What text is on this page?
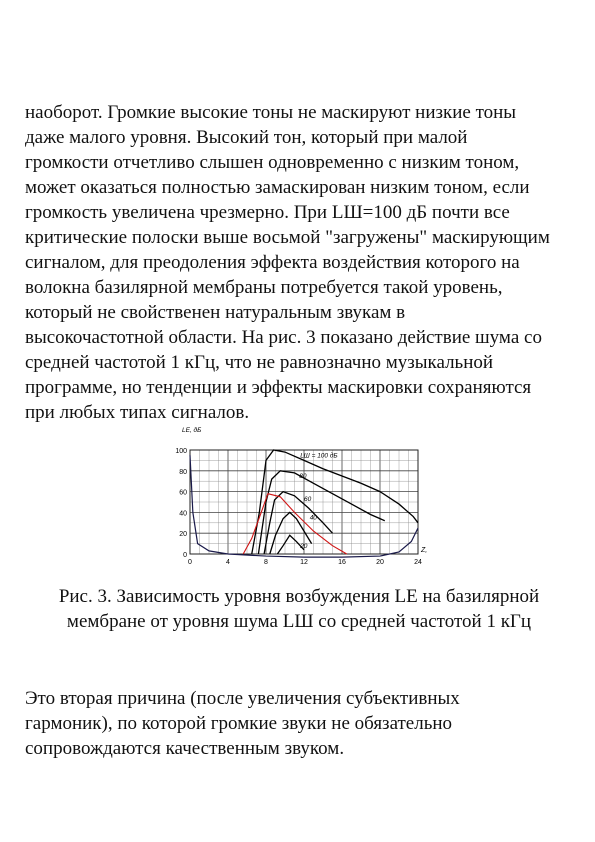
наоборот. Громкие высокие тоны не маскируют низкие тоны
даже малого уровня. Высокий тон, который при малой
громкости отчетливо слышен одновременно с низким тоном,
может оказаться полностью замаскирован низким тоном, если
громкость увеличена чрезмерно. При LШ=100 дБ почти все
критические полоски выше восьмой "загружены" маскирующим
сигналом, для преодоления эффекта воздействия которого на
волокна базилярной мембраны потребуется такой уровень,
который не свойственен натуральным звукам в
высокочастотной области. На рис. 3 показано действие шума со
средней частотой 1 кГц, что не равнозначно музыкальной
программе, но тенденции и эффекты маскировки сохраняются
при любых типах сигналов.

0
20
40
60
80
100
0	4	8	12	16	20	24
LE, дБ
Z,
LШ = 100 дБ
80
60
40
20

Рис. 3. Зависимость уровня возбуждения LE на базилярной
мембране от уровня шума LШ со средней частотой 1 кГц

Это вторая причина (после увеличения субъективных
гармоник), по которой громкие звуки не обязательно
сопровождаются качественным звуком.
